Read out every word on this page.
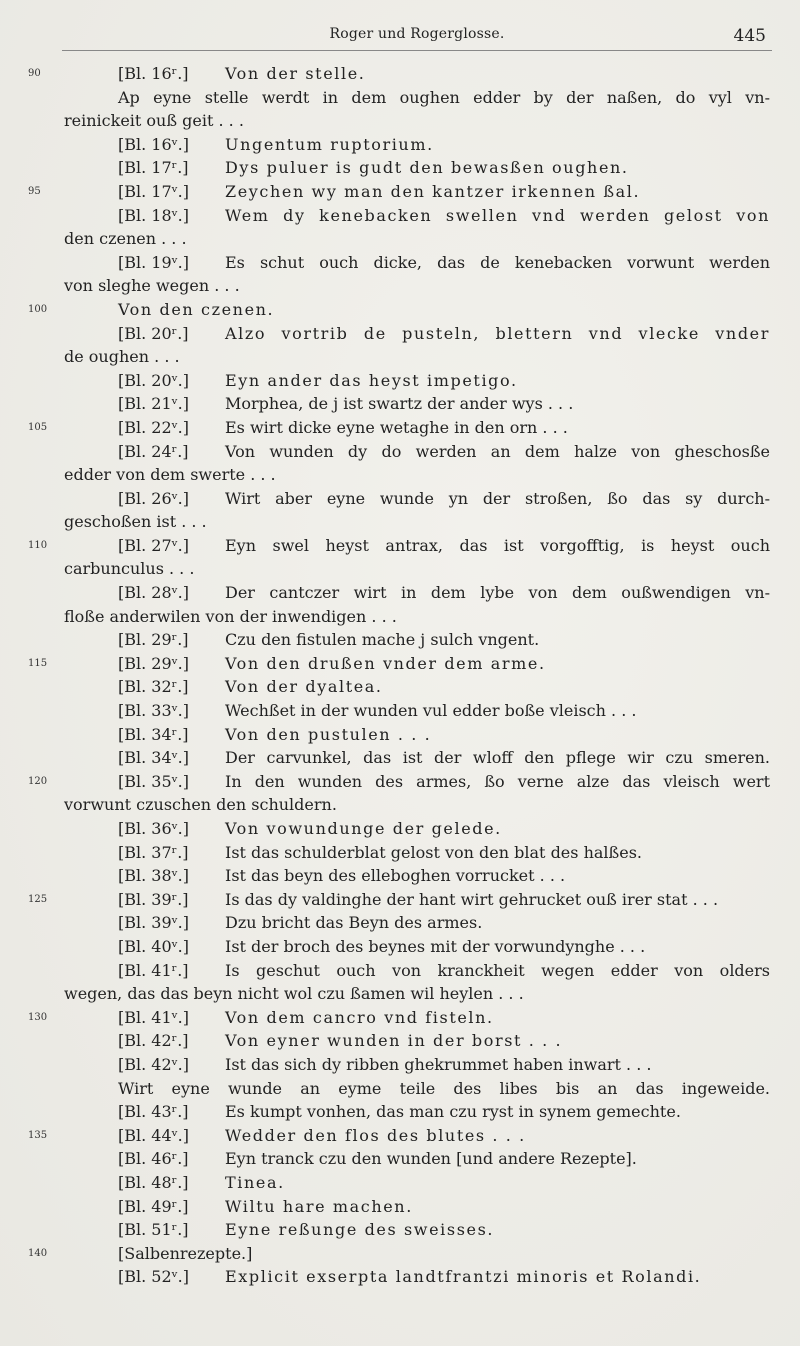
Roger und Rogerglosse.	445
90	[Bl. 16ʳ.] Von der stelle.
Ap eyne stelle werdt in dem oughen edder by der naßen, do vyl vn-
reinickeit ouß geit . . .
[Bl. 16ᵛ.] Ungentum ruptorium.
[Bl. 17ʳ.] Dys puluer is gudt den bewasßen oughen.
95	[Bl. 17ᵛ.] Zeychen wy man den kantzer irkennen ßal.
[Bl. 18ᵛ.] Wem dy kenebacken swellen vnd werden gelost von
den czenen . . .
[Bl. 19ᵛ.] Es schut ouch dicke, das de kenebacken vorwunt werden
von sleghe wegen . . .
100	Von den czenen.
[Bl. 20ʳ.] Alzo vortrib de pusteln, blettern vnd vlecke vnder
de oughen . . .
[Bl. 20ᵛ.] Eyn ander das heyst impetigo.
[Bl. 21ᵛ.] Morphea, de j ist swartz der ander wys . . .
105	[Bl. 22ᵛ.] Es wirt dicke eyne wetaghe in den orn . . .
[Bl. 24ʳ.] Von wunden dy do werden an dem halze von gheschosße
edder von dem swerte . . .
[Bl. 26ᵛ.] Wirt aber eyne wunde yn der stroßen, ßo das sy durch-
geschoßen ist . . .
110	[Bl. 27ᵛ.] Eyn swel heyst antrax, das ist vorgofftig, is heyst ouch
carbunculus . . .
[Bl. 28ᵛ.] Der cantczer wirt in dem lybe von dem oußwendigen vn-
floße anderwilen von der inwendigen . . .
[Bl. 29ʳ.] Czu den fistulen mache j sulch vngent.
115	[Bl. 29ᵛ.] Von den drußen vnder dem arme.
[Bl. 32ʳ.] Von der dyaltea.
[Bl. 33ᵛ.] Wechßet in der wunden vul edder boße vleisch . . .
[Bl. 34ʳ.] Von den pustulen . . .
[Bl. 34ᵛ.] Der carvunkel, das ist der wloff den pflege wir czu smeren.
120	[Bl. 35ᵛ.] In den wunden des armes, ßo verne alze das vleisch wert
vorwunt czuschen den schuldern.
[Bl. 36ᵛ.] Von vowundunge der gelede.
[Bl. 37ʳ.] Ist das schulderblat gelost von den blat des halßes.
[Bl. 38ᵛ.] Ist das beyn des elleboghen vorrucket . . .
125	[Bl. 39ʳ.] Is das dy valdinghe der hant wirt gehrucket ouß irer stat . . .
[Bl. 39ᵛ.] Dzu bricht das Beyn des armes.
[Bl. 40ᵛ.] Ist der broch des beynes mit der vorwundynghe . . .
[Bl. 41ʳ.] Is geschut ouch von kranckheit wegen edder von olders
wegen, das das beyn nicht wol czu ßamen wil heylen . . .
130	[Bl. 41ᵛ.] Von dem cancro vnd fisteln.
[Bl. 42ʳ.] Von eyner wunden in der borst . . .
[Bl. 42ᵛ.] Ist das sich dy ribben ghekrummet haben inwart . . .
Wirt eyne wunde an eyme teile des libes bis an das ingeweide.
[Bl. 43ʳ.] Es kumpt vonhen, das man czu ryst in synem gemechte.
135	[Bl. 44ᵛ.] Wedder den flos des blutes . . .
[Bl. 46ʳ.] Eyn tranck czu den wunden [und andere Rezepte].
[Bl. 48ʳ.] Tinea.
[Bl. 49ʳ.] Wiltu hare machen.
[Bl. 51ʳ.] Eyne reßunge des sweisses.
140	[Salbenrezepte.]
[Bl. 52ᵛ.] Explicit exserpta landtfrantzi minoris et Rolandi.
